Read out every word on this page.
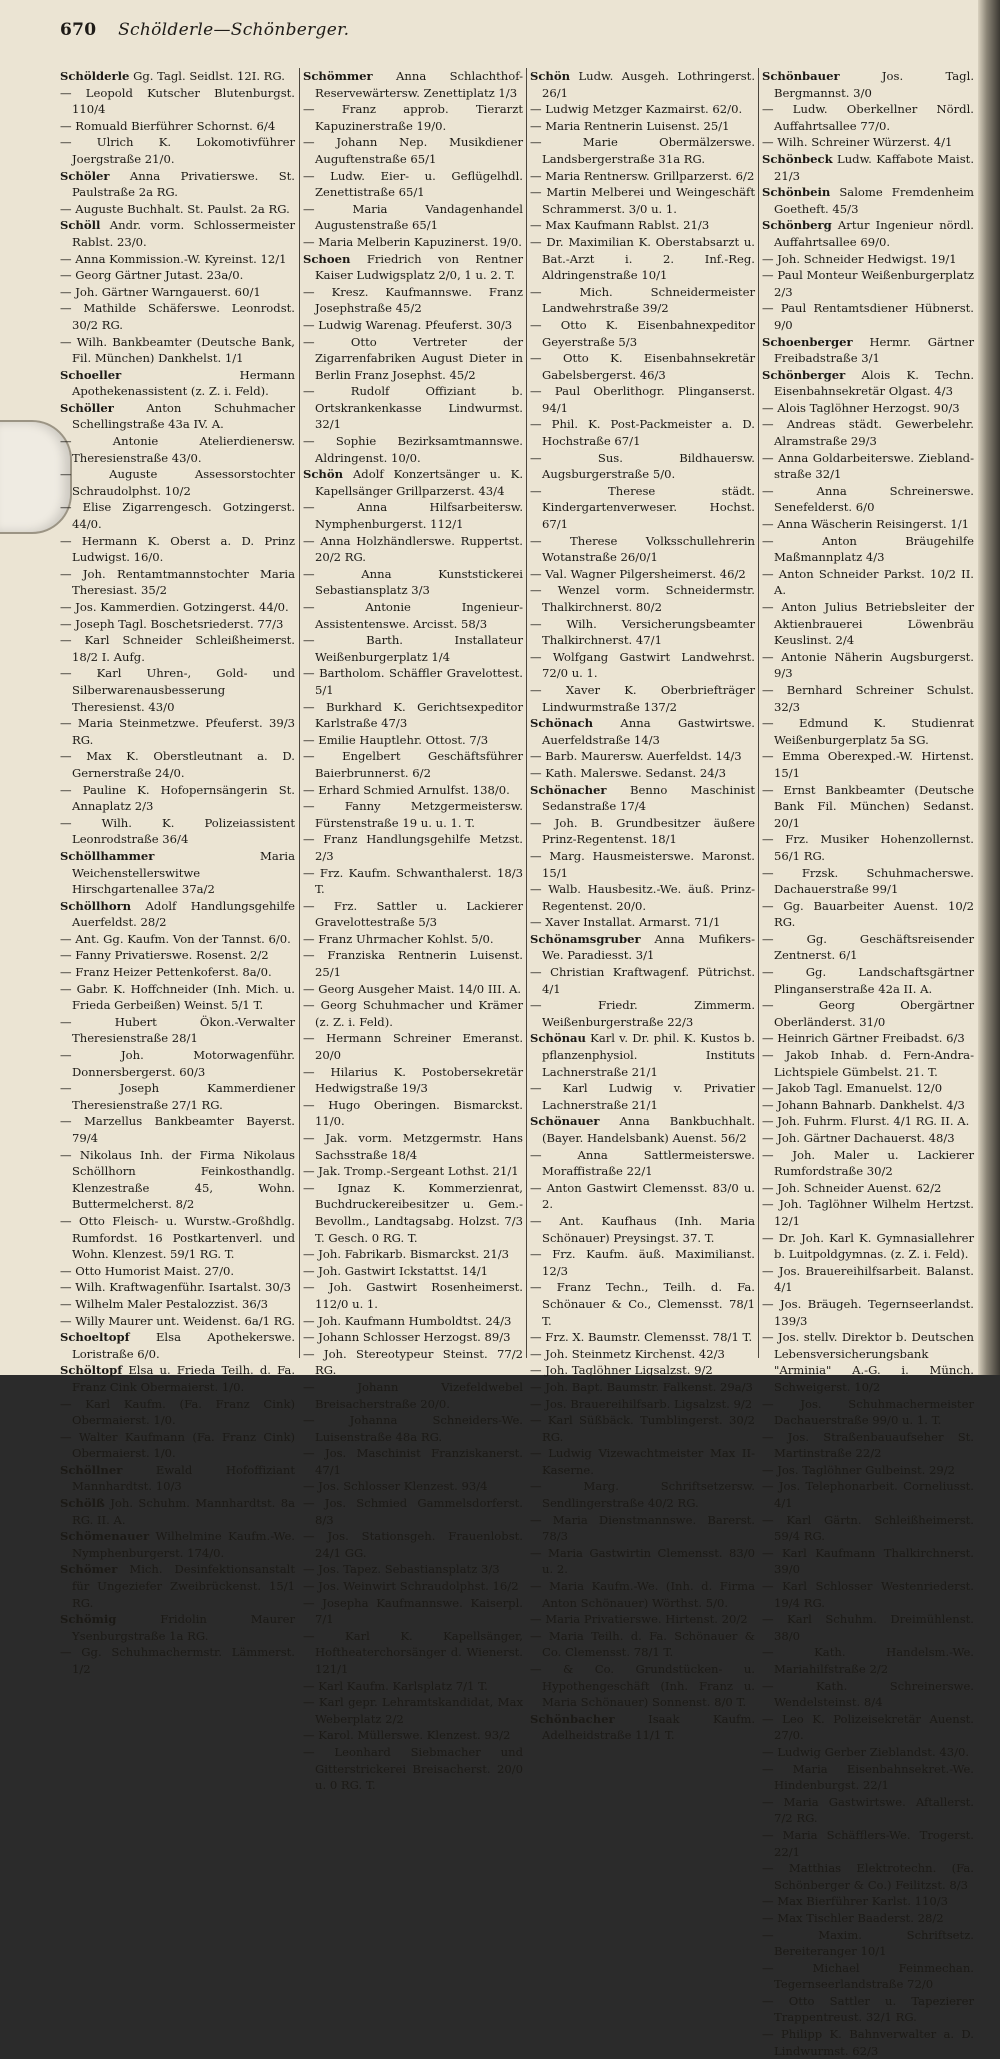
670 Schölderle—Schönberger.

Schölderle Gg. Tagl. Seidlst. 12I. RG.

— Leopold Kutscher Blutenburgst. 110/4

— Romuald Bierführer Schornst. 6/4

— Ulrich K. Lokomotivführer Joergstraße 21/0.

Schöler Anna Privatierswe. St. Paulstraße 2a RG.

— Auguste Buchhalt. St. Paulst. 2a RG.

Schöll Andr. vorm. Schlossermeister Rablst. 23/0.

— Anna Kommission.-W. Kyreinst. 12/1

— Georg Gärtner Jutast. 23a/0.

— Joh. Gärtner Warngauerst. 60/1

— Mathilde Schäferswe. Leonrodst. 30/2 RG.

— Wilh. Bankbeamter (Deutsche Bank, Fil. München) Dankhelst. 1/1

Schoeller	Hermann Apothekenassistent (z. Z. i. Feld).

Schöller	Anton Schuhmacher Schellingstraße 43a IV. A.

— Antonie Atelierdienersw. Theresienstraße 43/0.

— Auguste Assessorstochter Schraudolphst. 10/2

— Elise Zigarrengesch. Gotzingerst. 44/0.

— Hermann K. Oberst a. D. Prinz Ludwigst. 16/0.

— Joh. Rentamtmannstochter Maria Theresiast. 35/2

— Jos. Kammerdien. Gotzingerst. 44/0.

— Joseph Tagl. Boschetsriederst. 77/3

— Karl Schneider Schleißheimerst. 18/2 I. Aufg.

— Karl Uhren-, Gold- und Silberwarenausbesserung Theresienst. 43/0

— Maria Steinmetzwe. Pfeuferst. 39/3 RG.

— Max K. Oberstleutnant a. D. Gernerstraße 24/0.

— Pauline K. Hofopernsängerin St. Annaplatz 2/3

— Wilh. K. Polizeiassistent Leonrodstraße 36/4

Schöllhammer	Maria Weichenstellerswitwe Hirschgartenallee 37a/2

Schöllhorn Adolf Handlungsgehilfe Auerfeldst. 28/2

— Ant. Gg. Kaufm. Von der Tannst. 6/0.

— Fanny Privatierswe. Rosenst. 2/2

— Franz Heizer Pettenkoferst. 8a/0.

— Gabr. K. Hoffchneider (Inh. Mich. u. Frieda Gerbeißen) Weinst. 5/1 T.

— Hubert Ökon.-Verwalter Theresienstraße 28/1

— Joh. Motorwagenführ. Donnersbergerst. 60/3

— Joseph Kammerdiener Theresienstraße 27/1 RG.

— Marzellus Bankbeamter Bayerst. 79/4

— Nikolaus Inh. der Firma Nikolaus Schöllhorn Feinkosthandlg. Klenzestraße 45, Wohn. Buttermelcherst. 8/2

— Otto Fleisch- u. Wurstw.-Großhdlg. Rumfordst. 16 Postkartenverl. und Wohn. Klenzest. 59/1 RG. T.

— Otto Humorist Maist. 27/0.

— Wilh. Kraftwagenführ. Isartalst. 30/3

— Wilhelm Maler Pestalozzist. 36/3

— Willy Maurer unt. Weidenst. 6a/1 RG.

Schoeltopf Elsa Apothekerswe. Loristraße 6/0.

Schöltopf Elsa u. Frieda Teilh. d. Fa. Franz Cink Obermaierst. 1/0.

— Karl Kaufm. (Fa. Franz Cink) Obermaierst. 1/0.

— Walter Kaufmann (Fa. Franz Cink) Obermaierst. 1/0.

Schöllner	Ewald Hofoffiziant Mannhardtst. 10/3

Schölß Joh. Schuhm. Mannhardtst. 8a RG. II. A.

Schömenauer Wilhelmine Kaufm.-We. Nymphenburgerst. 174/0.

Schömer Mich. Desinfektionsanstalt für Ungeziefer Zweibrückenst. 15/1 RG.

Schömig	Fridolin Maurer Ysenburgstraße 1a RG.

— Gg. Schuhmachermstr. Lämmerst. 1/2

Schömmer Anna Schlachthof-Reservewärtersw. Zenettiplatz 1/3

— Franz approb. Tierarzt Kapuzinerstraße 19/0.

— Johann Nep. Musikdiener Auguftenstraße 65/1

— Ludw. Eier- u. Geflügelhdl. Zenettistraße 65/1

— Maria Vandagenhandel Augustenstraße 65/1

— Maria Melberin Kapuzinerst. 19/0.

Schoen Friedrich von Rentner Kaiser Ludwigsplatz 2/0, 1 u. 2. T.

— Kresz. Kaufmannswe. Franz Josephstraße 45/2

— Ludwig Warenag. Pfeuferst. 30/3

— Otto Vertreter der Zigarrenfabriken August Dieter in Berlin Franz Josephst. 45/2

— Rudolf Offiziant b. Ortskrankenkasse Lindwurmst. 32/1

— Sophie Bezirksamtmannswe. Aldringenst. 10/0.

Schön Adolf Konzertsänger u. K. Kapellsänger Grillparzerst. 43/4

— Anna Hilfsarbeitersw. Nymphenburgerst. 112/1

— Anna Holzhändlerswe. Ruppertst. 20/2 RG.

— Anna Kunststickerei Sebastiansplatz 3/3

— Antonie Ingenieur-Assistentenswe. Arcisst. 58/3

— Barth. Installateur Weißenburgerplatz 1/4

— Bartholom. Schäffler Gravelottest. 5/1

— Burkhard K. Gerichtsexpeditor Karlstraße 47/3

— Emilie Hauptlehr. Ottost. 7/3

— Engelbert Geschäftsführer Baierbrunnerst. 6/2

— Erhard Schmied Arnulfst. 138/0.

— Fanny Metzgermeistersw. Fürstenstraße 19 u. u. 1. T.

— Franz Handlungsgehilfe Metzst. 2/3

— Frz. Kaufm. Schwanthalerst. 18/3 T.

— Frz. Sattler u. Lackierer Gravelottestraße 5/3

— Franz Uhrmacher Kohlst. 5/0.

— Franziska Rentnerin Luisenst. 25/1

— Georg Ausgeher Maist. 14/0 III. A.

— Georg Schuhmacher und Krämer (z. Z. i. Feld).

— Hermann Schreiner Emeranst. 20/0

— Hilarius K. Postobersekretär Hedwigstraße 19/3

— Hugo Oberingen. Bismarckst. 11/0.

— Jak. vorm. Metzgermstr. Hans Sachsstraße 18/4

— Jak. Tromp.-Sergeant Lothst. 21/1

— Ignaz K. Kommerzienrat, Buchdruckereibesitzer u. Gem.-Bevollm., Landtagsabg. Holzst. 7/3 T. Gesch. 0 RG. T.

— Joh. Fabrikarb. Bismarckst. 21/3

— Joh. Gastwirt Ickstattst. 14/1

— Joh. Gastwirt Rosenheimerst. 112/0 u. 1.

— Joh. Kaufmann Humboldtst. 24/3

— Johann Schlosser Herzogst. 89/3

— Joh. Stereotypeur Steinst. 77/2 RG.

— Johann Vizefeldwebel Breisacherstraße 20/0.

— Johanna Schneiders-We. Luisenstraße 48a RG.

— Jos. Maschinist Franziskanerst. 47/1

— Jos. Schlosser Klenzest. 93/4

— Jos. Schmied Gammelsdorferst. 8/3

— Jos. Stationsgeh. Frauenlobst. 24/1 GG.

— Jos. Tapez. Sebastiansplatz 3/3

— Jos. Weinwirt Schraudolphst. 16/2

— Josepha Kaufmannswe. Kaiserpl. 7/1

— Karl K. Kapellsänger, Hoftheaterchorsänger d. Wienerst. 121/1

— Karl Kaufm. Karlsplatz 7/1 T.

— Karl gepr. Lehramtskandidat, Max Weberplatz 2/2

— Karol. Müllerswe. Klenzest. 93/2

— Leonhard Siebmacher und Gitterstrickerei Breisacherst. 20/0 u. 0 RG. T.

Schön Ludw. Ausgeh. Lothringerst. 26/1

— Ludwig Metzger Kazmairst. 62/0.

— Maria Rentnerin Luisenst. 25/1

— Marie Obermälzerswe. Landsbergerstraße 31a RG.

— Maria Rentnersw. Grillparzerst. 6/2

— Martin Melberei und Weingeschäft Schrammerst. 3/0 u. 1.

— Max Kaufmann Rablst. 21/3

— Dr. Maximilian K. Oberstabsarzt u. Bat.-Arzt i. 2. Inf.-Reg. Aldringenstraße 10/1

— Mich. Schneidermeister Landwehrstraße 39/2

— Otto K. Eisenbahnexpeditor Geyerstraße 5/3

— Otto K. Eisenbahnsekretär Gabelsbergerst. 46/3

— Paul Oberlithogr. Plinganserst. 94/1

— Phil. K. Post-Packmeister a. D. Hochstraße 67/1

— Sus. Bildhauersw. Augsburgerstraße 5/0.

— Therese städt. Kindergartenverweser. Hochst. 67/1

— Therese Volksschullehrerin Wotanstraße 26/0/1

— Val. Wagner Pilgersheimerst. 46/2

— Wenzel vorm. Schneidermstr. Thalkirchnerst. 80/2

— Wilh. Versicherungsbeamter Thalkirchnerst. 47/1

— Wolfgang Gastwirt Landwehrst. 72/0 u. 1.

— Xaver K. Oberbriefträger Lindwurmstraße 137/2

Schönach Anna Gastwirtswe. Auerfeldstraße 14/3

— Barb. Maurersw. Auerfeldst. 14/3

— Kath. Malerswe. Sedanst. 24/3

Schönacher Benno Maschinist Sedanstraße 17/4

— Joh. B. Grundbesitzer äußere Prinz-Regentenst. 18/1

— Marg. Hausmeisterswe. Maronst. 15/1

— Walb. Hausbesitz.-We. äuß. Prinz-Regentenst. 20/0.

— Xaver Installat. Armarst. 71/1

Schönamsgruber Anna Mufikers-We. Paradiesst. 3/1

— Christian Kraftwagenf. Pütrichst. 4/1

— Friedr. Zimmerm. Weißenburgerstraße 22/3

Schönau Karl v. Dr. phil. K. Kustos b. pflanzenphysiol. Instituts Lachnerstraße 21/1

— Karl Ludwig v. Privatier Lachnerstraße 21/1

Schönauer Anna Bankbuchhalt. (Bayer. Handelsbank) Auenst. 56/2

— Anna Sattlermeisterswe. Moraffistraße 22/1

— Anton Gastwirt Clemensst. 83/0 u. 2.

— Ant. Kaufhaus (Inh. Maria Schönauer) Preysingst. 37. T.

— Frz. Kaufm. äuß. Maximilianst. 12/3

— Franz Techn., Teilh. d. Fa. Schönauer & Co., Clemensst. 78/1 T.

— Frz. X. Baumstr. Clemensst. 78/1 T.

— Joh. Steinmetz Kirchenst. 42/3

— Joh. Taglöhner Ligsalzst. 9/2

— Joh. Bapt. Baumstr. Falkenst. 29a/3

— Jos. Brauereihilfsarb. Ligsalzst. 9/2

— Karl Süßbäck. Tumblingerst. 30/2 RG.

— Ludwig Vizewachtmeister Max II-Kaserne.

— Marg. Schriftsetzersw. Sendlingerstraße 40/2 RG.

— Maria Dienstmannswe. Barerst. 78/3

— Maria Gastwirtin Clemensst. 83/0 u. 2.

— Maria Kaufm.-We. (Inh. d. Firma Anton Schönauer) Wörthst. 5/0.

— Maria Privatierswe. Hirtenst. 20/2

— Maria Teilh. d. Fa. Schönauer & Co. Clemensst. 78/1 T.

— & Co. Grundstücken- u. Hypothengeschäft (Inh. Franz u. Maria Schönauer) Sonnenst. 8/0 T.

Schönbacher	Isaak Kaufm. Adelheidstraße 11/1 T.

Schönbauer	Jos. Tagl. Bergmannst. 3/0

— Ludw. Oberkellner Nördl. Auffahrtsallee 77/0.

— Wilh. Schreiner Würzerst. 4/1

Schönbeck Ludw. Kaffabote Maist. 21/3

Schönbein Salome Fremdenheim Goetheft. 45/3

Schönberg Artur Ingenieur nördl. Auffahrtsallee 69/0.

— Joh. Schneider Hedwigst. 19/1

— Paul Monteur Weißenburgerplatz 2/3

— Paul Rentamtsdiener Hübnerst. 9/0

Schoenberger Hermr. Gärtner Freibadstraße 3/1

Schönberger Alois K. Techn. Eisenbahnsekretär Olgast. 4/3

— Alois Taglöhner Herzogst. 90/3

— Andreas städt. Gewerbelehr. Alramstraße 29/3

— Anna Goldarbeiterswe. Ziebland-straße 32/1

— Anna Schreinerswe. Senefelderst. 6/0

— Anna Wäscherin Reisingerst. 1/1

— Anton Bräugehilfe Maßmannplatz 4/3

— Anton Schneider Parkst. 10/2 II. A.

— Anton Julius Betriebsleiter der Aktienbrauerei Löwenbräu Keuslinst. 2/4

— Antonie Näherin Augsburgerst. 9/3

— Bernhard Schreiner Schulst. 32/3

— Edmund K. Studienrat Weißenburgerplatz 5a SG.

— Emma Oberexped.-W. Hirtenst. 15/1

— Ernst Bankbeamter (Deutsche Bank Fil. München) Sedanst. 20/1

— Frz. Musiker Hohenzollernst. 56/1 RG.

— Frzsk. Schuhmacherswe. Dachauerstraße 99/1

— Gg. Bauarbeiter Auenst. 10/2 RG.

— Gg. Geschäftsreisender Zentnerst. 6/1

— Gg. Landschaftsgärtner Plinganserstraße 42a II. A.

— Georg Obergärtner Oberländerst. 31/0

— Heinrich Gärtner Freibadst. 6/3

— Jakob Inhab. d. Fern-Andra-Lichtspiele Gümbelst. 21. T.

— Jakob Tagl. Emanuelst. 12/0

— Johann Bahnarb. Dankhelst. 4/3

— Joh. Fuhrm. Flurst. 4/1 RG. II. A.

— Joh. Gärtner Dachauerst. 48/3

— Joh. Maler u. Lackierer Rumfordstraße 30/2

— Joh. Schneider Auenst. 62/2

— Joh. Taglöhner Wilhelm Hertzst. 12/1

— Dr. Joh. Karl K. Gymnasiallehrer b. Luitpoldgymnas. (z. Z. i. Feld).

— Jos. Brauereihilfsarbeit. Balanst. 4/1

— Jos. Bräugeh. Tegernseerlandst. 139/3

— Jos. stellv. Direktor b. Deutschen Lebensversicherungsbank "Arminia" A.-G. i. Münch. Schweigerst. 10/2

— Jos. Schuhmachermeister Dachauerstraße 99/0 u. 1. T.

— Jos. Straßenbauaufseher St. Martinstraße 22/2

— Jos. Taglöhner Gulbeinst. 29/2

— Jos. Telephonarbeit. Corneliusst. 4/1

— Karl Gärtn. Schleißheimerst. 59/4 RG.

— Karl Kaufmann Thalkirchnerst. 39/0

— Karl Schlosser Westenriederst. 19/4 RG.

— Karl Schuhm. Dreimühlenst. 38/0

— Kath. Handelsm.-We. Mariahilfstraße 2/2

— Kath. Schreinerswe. Wendelsteinst. 8/4

— Leo K. Polizeisekretär Auenst. 27/0.

— Ludwig Gerber Zieblandst. 43/0.

— Maria Eisenbahnsekret.-We. Hindenburgst. 22/1

— Maria Gastwirtswe. Aftallerst. 7/2 RG.

— Maria Schäfflers-We. Trogerst. 22/1

— Matthias Elektrotechn. (Fa. Schönberger & Co.) Feilitzst. 8/3

— Max Bierführer Karlst. 110/3

— Max Tischler Baaderst. 28/2

— Maxim. Schriftsetz. Bereiteranger 10/1

— Michael Feinmechan. Tegernseerlandstraße 72/0

— Otto Sattler u. Tapezierer Trappentreust. 32/1 RG.

— Philipp K. Bahnverwalter a. D. Lindwurmst. 62/3
